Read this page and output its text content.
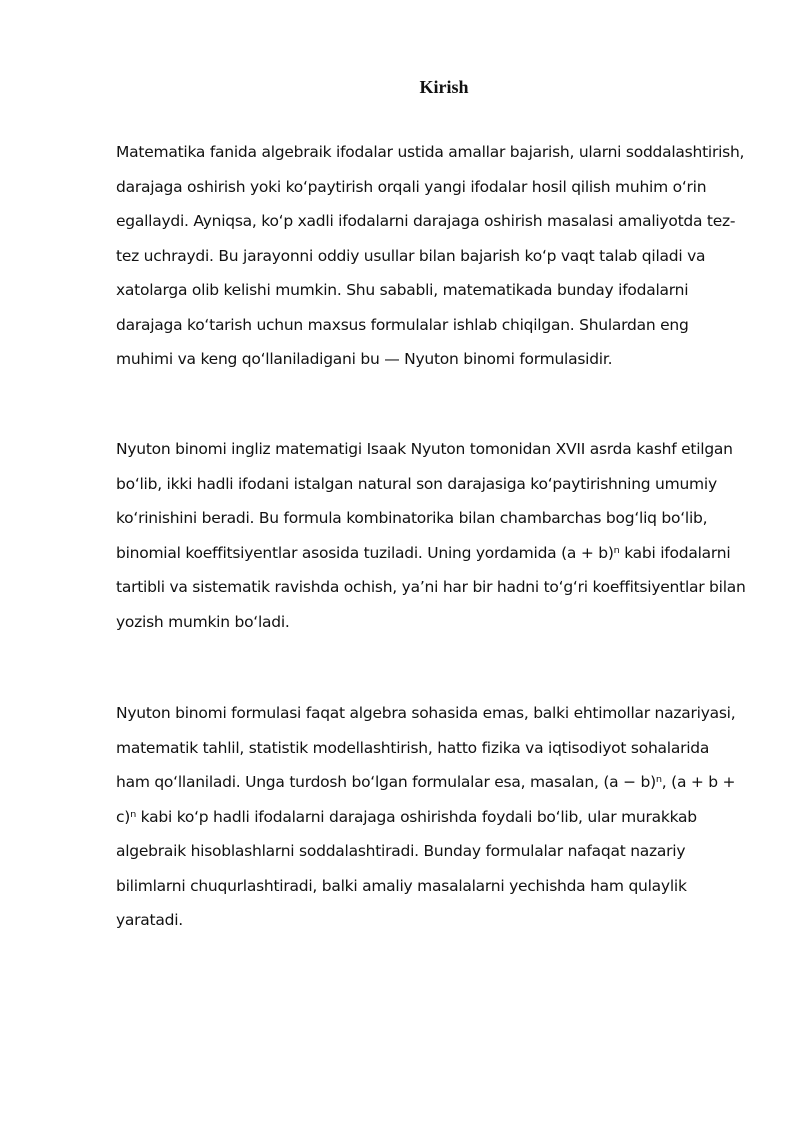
Kirish

Matematika fanida algebraik ifodalar ustida amallar bajarish, ularni soddalashtirish, darajaga oshirish yoki koʻpaytirish orqali yangi ifodalar hosil qilish muhim oʻrin egallaydi. Ayniqsa, koʻp xadli ifodalarni darajaga oshirish masalasi amaliyotda tez-tez uchraydi. Bu jarayonni oddiy usullar bilan bajarish koʻp vaqt talab qiladi va xatolarga olib kelishi mumkin. Shu sababli, matematikada bunday ifodalarni darajaga koʻtarish uchun maxsus formulalar ishlab chiqilgan. Shulardan eng muhimi va keng qoʻllaniladigani bu — Nyuton binomi formulasidir.

Nyuton binomi ingliz matematigi Isaak Nyuton tomonidan XVII asrda kashf etilgan boʻlib, ikki hadli ifodani istalgan natural son darajasiga koʻpaytirishning umumiy koʻrinishini beradi. Bu formula kombinatorika bilan chambarchas bogʻliq boʻlib, binomial koeffitsiyentlar asosida tuziladi. Uning yordamida (a + b)ⁿ kabi ifodalarni tartibli va sistematik ravishda ochish, yaʼni har bir hadni toʻgʻri koeffitsiyentlar bilan yozish mumkin boʻladi.

Nyuton binomi formulasi faqat algebra sohasida emas, balki ehtimollar nazariyasi, matematik tahlil, statistik modellashtirish, hatto fizika va iqtisodiyot sohalarida ham qoʻllaniladi. Unga turdosh boʻlgan formulalar esa, masalan, (a − b)ⁿ, (a + b + c)ⁿ kabi koʻp hadli ifodalarni darajaga oshirishda foydali boʻlib, ular murakkab algebraik hisoblashlarni soddalashtiradi. Bunday formulalar nafaqat nazariy bilimlarni chuqurlashtiradi, balki amaliy masalalarni yechishda ham qulaylik yaratadi.
